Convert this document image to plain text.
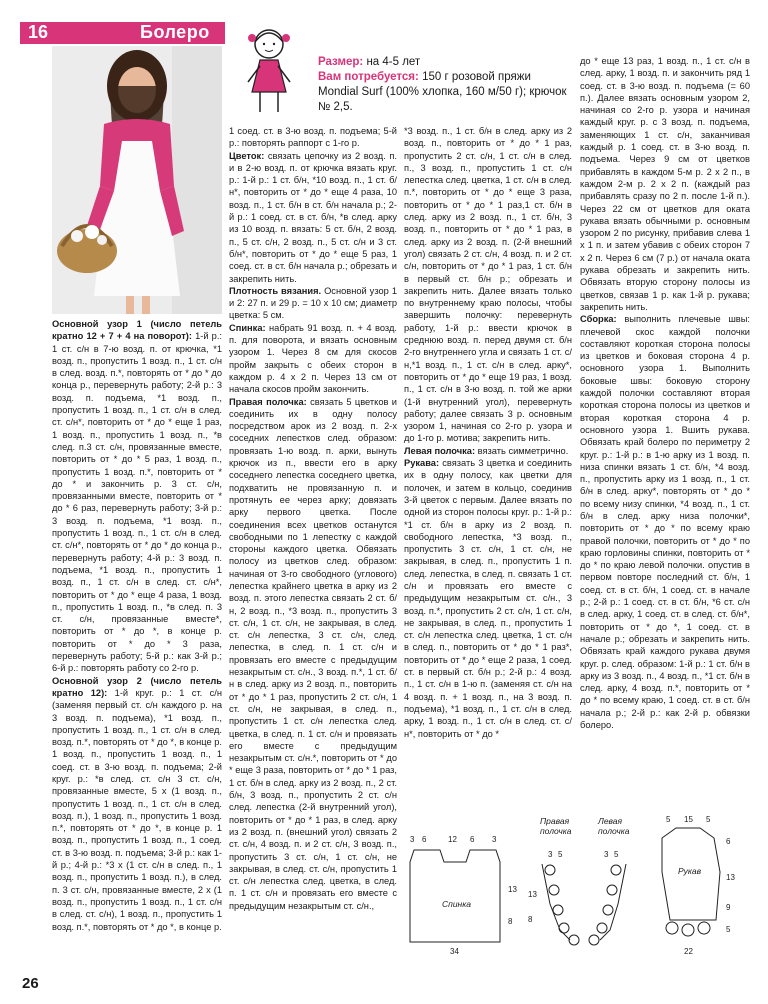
16	Болеро
Размер: на 4-5 лет
Вам потребуется: 150 г розовой пряжи Mondial Surf (100% хлопка, 160 м/50 г); крючок № 2,5.

Основной узор 1 (число петель кратно 12 + 7 + 4 на поворот): 1-й р.: 1 ст. с/н в 7-ю возд. п. от крючка, *1 возд. п., пропустить 1 возд. п., 1 ст. с/н в след. возд. п.*, повторять от * до * до конца р., перевернуть работу; 2-й р.: 3 возд. п. подъема, *1 возд. п., пропустить 1 возд. п., 1 ст. с/н в след. ст. с/н*, повторить от * до * еще 1 раз, 1 возд. п., пропустить 1 возд. п., *в след. п.3 ст. с/н, провязанные вместе, повторить от * до * 5 раз, 1 возд. п., пропустить 1 возд. п.*, повторить от * до * и закончить р. 3 ст. с/н, провязанными вместе, повторить от * до * 6 раз, перевернуть работу; 3-й р.: 3 возд. п. подъема, *1 возд. п., пропустить 1 возд. п., 1 ст. с/н в след. ст. с/н*, повторять от * до * до конца р., перевернуть работу; 4-й р.: 3 возд. п. подъема, *1 возд. п., пропустить 1 возд. п., 1 ст. с/н в след. ст. с/н*, повторить от * до * еще 4 раза, 1 возд. п., пропустить 1 возд. п., *в след. п. 3 ст. с/н, провязанные вместе*, повторить от * до *, в конце р. повторить от * до * 3 раза, перевернуть работу; 5-й р.: как 3-й р.; 6-й р.: повторять работу со 2-го р.

Основной узор 2 (число петель кратно 12): 1-й круг. р.: 1 ст. с/н (заменяя первый ст. с/н каждого р. на 3 возд. п. подъема), *1 возд. п., пропустить 1 возд. п., 1 ст. с/н в след. возд. п.*, повторять от * до *, в конце р. 1 возд. п., пропустить 1 возд. п., 1 соед. ст. в 3-ю возд. п. подъема; 2-й круг. р.: *в след. ст. с/н 3 ст. с/н, провязанные вместе, 5 х (1 возд. п., пропустить 1 возд. п., 1 ст. с/н в след. возд. п.), 1 возд. п., пропустить 1 возд. п.*, повторять от * до *, в конце р. 1 возд. п., пропустить 1 возд. п., 1 соед. ст. в 3-ю возд. п. подъема; 3-й р.: как 1-й р.; 4-й р.: *3 х (1 ст. с/н в след. п., 1 возд. п., пропустить 1 возд. п.), в след. п. 3 ст. с/н, провязанные вместе, 2 х (1 возд. п., пропустить 1 возд. п., 1 ст. с/н в след. ст. с/н), 1 возд. п., пропустить 1 возд. п.*, повторять от * до *, в конце р.

1 соед. ст. в 3-ю возд. п. подъема; 5-й р.: повторять раппорт с 1-го р.

Цветок: связать цепочку из 2 возд. п. и в 2-ю возд. п. от крючка вязать круг. р.: 1-й р.: 1 ст. б/н, *10 возд. п., 1 ст. б/н*, повторить от * до * еще 4 раза, 10 возд. п., 1 ст. б/н в ст. б/н начала р.; 2-й р.: 1 соед. ст. в ст. б/н, *в след. арку из 10 возд. п. вязать: 5 ст. б/н, 2 возд. п., 5 ст. с/н, 2 возд. п., 5 ст. с/н и 3 ст. б/н*, повторить от * до * еще 5 раз, 1 соед. ст. в ст. б/н начала р.; обрезать и закрепить нить.

Плотность вязания. Основной узор 1 и 2: 27 п. и 29 р. = 10 x 10 см; диаметр цветка: 5 см.

Спинка: набрать 91 возд. п. + 4 возд. п. для поворота, и вязать основным узором 1. Через 8 см для скосов пройм закрыть с обеих сторон в каждом р. 4 х 2 п. Через 13 см от начала скосов пройм закончить.

Правая полочка: связать 5 цветков и соединить их в одну полосу посредством арок из 2 возд. п. 2-х соседних лепестков след. образом: провязать 1-ю возд. п. арки, вынуть крючок из п., ввести его в арку соседнего лепестка соседнего цветка, подхватить не провязанную п. и протянуть ее через арку; довязать арку первого цветка. После соединения всех цветков останутся свободными по 1 лепестку с каждой стороны каждого цветка. Обвязать полосу из цветков след. образом: начиная от 3-го свободного (углового) лепестка крайнего цветка в арку из 2 возд. п. этого лепестка связать 2 ст. б/н, 2 возд. п., *3 возд. п., пропустить 3 ст. с/н, 1 ст. с/н, не закрывая, в след. ст. с/н лепестка, 3 ст. с/н, след. лепестка, в след. п. 1 ст. с/н и провязать его вместе с предыдущим незакрытым ст. с/н., 3 возд. п.*, 1 ст. б/н в след. арку из 2 возд. п., повторить от * до * 1 раз, пропустить 2 ст. с/н, 1 ст. с/н, не закрывая, в след. п., пропустить 1 ст. с/н лепестка след. цветка, в след. п. 1 ст. с/н и провязать его вместе с предыдущим незакрытым ст. с/н.*, повторить от * до * еще 3 раза, повторить от * до * 1 раз, 1 ст. б/н в след. арку из 2 возд. п., 2 ст. б/н, 3 возд. п., пропустить 2 ст. с/н след. лепестка (2-й внутренний угол), повторить от * до * 1 раз, в след. арку из 2 возд. п. (внешний угол) связать 2 ст. с/н, 4 возд. п. и 2 ст. с/н, 3 возд. п., пропустить 3 ст. с/н, 1 ст. с/н, не закрывая, в след. ст. с/н, пропустить 1 ст. с/н лепестка след. цветка, в след. п. 1 ст. с/н и провязать его вместе с предыдущим незакрытым ст. с/н.,

*3 возд. п., 1 ст. б/н в след. арку из 2 возд. п., повторить от * до * 1 раз, пропустить 2 ст. с/н, 1 ст. с/н в след. п., 3 возд. п., пропустить 1 ст. с/н лепестка след. цветка, 1 ст. с/н в след. п.*, повторить от * до * еще 3 раза, повторить от * до * 1 раз,1 ст. б/н в след. арку из 2 возд. п., 1 ст. б/н, 3 возд. п., повторить от * до * 1 раз, в след. арку из 2 возд. п. (2-й внешний угол) связать 2 ст. с/н, 4 возд. п. и 2 ст. с/н, повторить от * до * 1 раз, 1 ст. б/н в первый ст. б/н р.; обрезать и закрепить нить. Далее вязать только по внутреннему краю полосы, чтобы завершить полочку: перевернуть работу, 1-й р.: ввести крючок в среднюю возд. п. перед двумя ст. б/н 2-го внутреннего угла и связать 1 ст. с/н,*1 возд. п., 1 ст. с/н в след. арку*, повторить от * до * еще 19 раз, 1 возд. п., 1 ст. с/н в 3-ю возд. п. той же арки (1-й внутренний угол), перевернуть работу; далее связать 3 р. основным узором 1, начиная со 2-го р. узора и до 1-го р. мотива; закрепить нить.

Левая полочка: вязать симметрично.

Рукава: связать 3 цветка и соединить их в одну полосу, как цветки для полочек, и затем в кольцо, соединив 3-й цветок с первым. Далее вязать по одной из сторон полосы круг. р.: 1-й р.: *1 ст. б/н в арку из 2 возд. п. свободного лепестка, *3 возд. п., пропустить 3 ст. с/н, 1 ст. с/н, не закрывая, в след. п., пропустить 1 п. след. лепестка, в след. п. связать 1 ст. с/н и провязать его вместе с предыдущим незакрытым ст. с/н., 3 возд. п.*, пропустить 2 ст. с/н, 1 ст. с/н, не закрывая, в след. п., пропустить 1 ст. с/н лепестка след. цветка, 1 ст. с/н в след. п., повторить от * до * 1 раз*, повторить от * до * еще 2 раза, 1 соед. ст. в первый ст. б/н р.; 2-й р.: 4 возд. п., 1 ст. с/н в 1-ю п. (заменяя ст. с/н на 4 возд. п. + 1 возд. п., на 3 возд. п. подъема), *1 возд. п., 1 ст. с/н в след. арку, 1 возд. п., 1 ст. с/н в след. ст. с/н*, повторить от * до *

до * еще 13 раз, 1 возд. п., 1 ст. с/н в след. арку, 1 возд. п. и закончить ряд 1 соед. ст. в 3-ю возд. п. подъема (= 60 п.). Далее вязать основным узором 2, начиная со 2-го р. узора и начиная каждый круг. р. с 3 возд. п. подъема, заменяющих 1 ст. с/н, заканчивая каждый р. 1 соед. ст. в 3-ю возд. п. подъема. Через 9 см от цветков прибавлять в каждом 5-м р. 2 х 2 п., в каждом 2-м р. 2 х 2 п. (каждый раз прибавлять сразу по 2 п. после 1-й п.). Через 22 см от цветков для оката рукава вязать обычными р. основным узором 2 по рисунку, прибавив слева 1 х 1 п. и затем убавив с обеих сторон 7 х 2 п. Через 6 см (7 р.) от начала оката рукава обрезать и закрепить нить. Обвязать вторую сторону полосы из цветков, связав 1 р. как 1-й р. рукава; закрепить нить.

Сборка: выполнить плечевые швы: плечевой скос каждой полочки составляют короткая сторона полосы из цветков и боковая сторона 4 р. основного узора 1. Выполнить боковые швы: боковую сторону каждой полочки составляют вторая короткая сторона полосы из цветков и вторая короткая сторона 4 р. основного узора 1. Вшить рукава. Обвязать край болеро по периметру 2 круг. р.: 1-й р.: в 1-ю арку из 1 возд. п. низа спинки вязать 1 ст. б/н, *4 возд. п., пропустить арку из 1 возд. п., 1 ст. б/н в след. арку*, повторять от * до * по всему низу спинки, *4 возд. п., 1 ст. б/н в след. арку низа полочки*, повторить от * до * по всему краю правой полочки, повторить от * до * по краю горловины спинки, повторить от * до * по краю левой полочки. опустив в первом повторе последний ст. б/н, 1 соед. ст. в ст. б/н, 1 соед. ст. в начале р.; 2-й р.: 1 соед. ст. в ст. б/н, *6 ст. с/н в след. арку, 1 соед. ст. в след. ст. б/н*, повторить от * до *, 1 соед. ст. в начале р.; обрезать и закрепить нить. Обвязать край каждого рукава двумя круг. р. след. образом: 1-й р.: 1 ст. б/н в арку из 3 возд. п., 4 возд. п., *1 ст. б/н в след. арку, 4 возд. п.*, повторить от * до * по всему краю, 1 соед. ст. в ст. б/н начала р.; 2-й р.: как 2-й р. обвязки болеро.

Спинка
3 6	12 6 3
13
8
34
Правая
полочка
3 5
13
8
Левая
полочка
3 5
5 15 5
Рукав
6
13
9
5
22
26
